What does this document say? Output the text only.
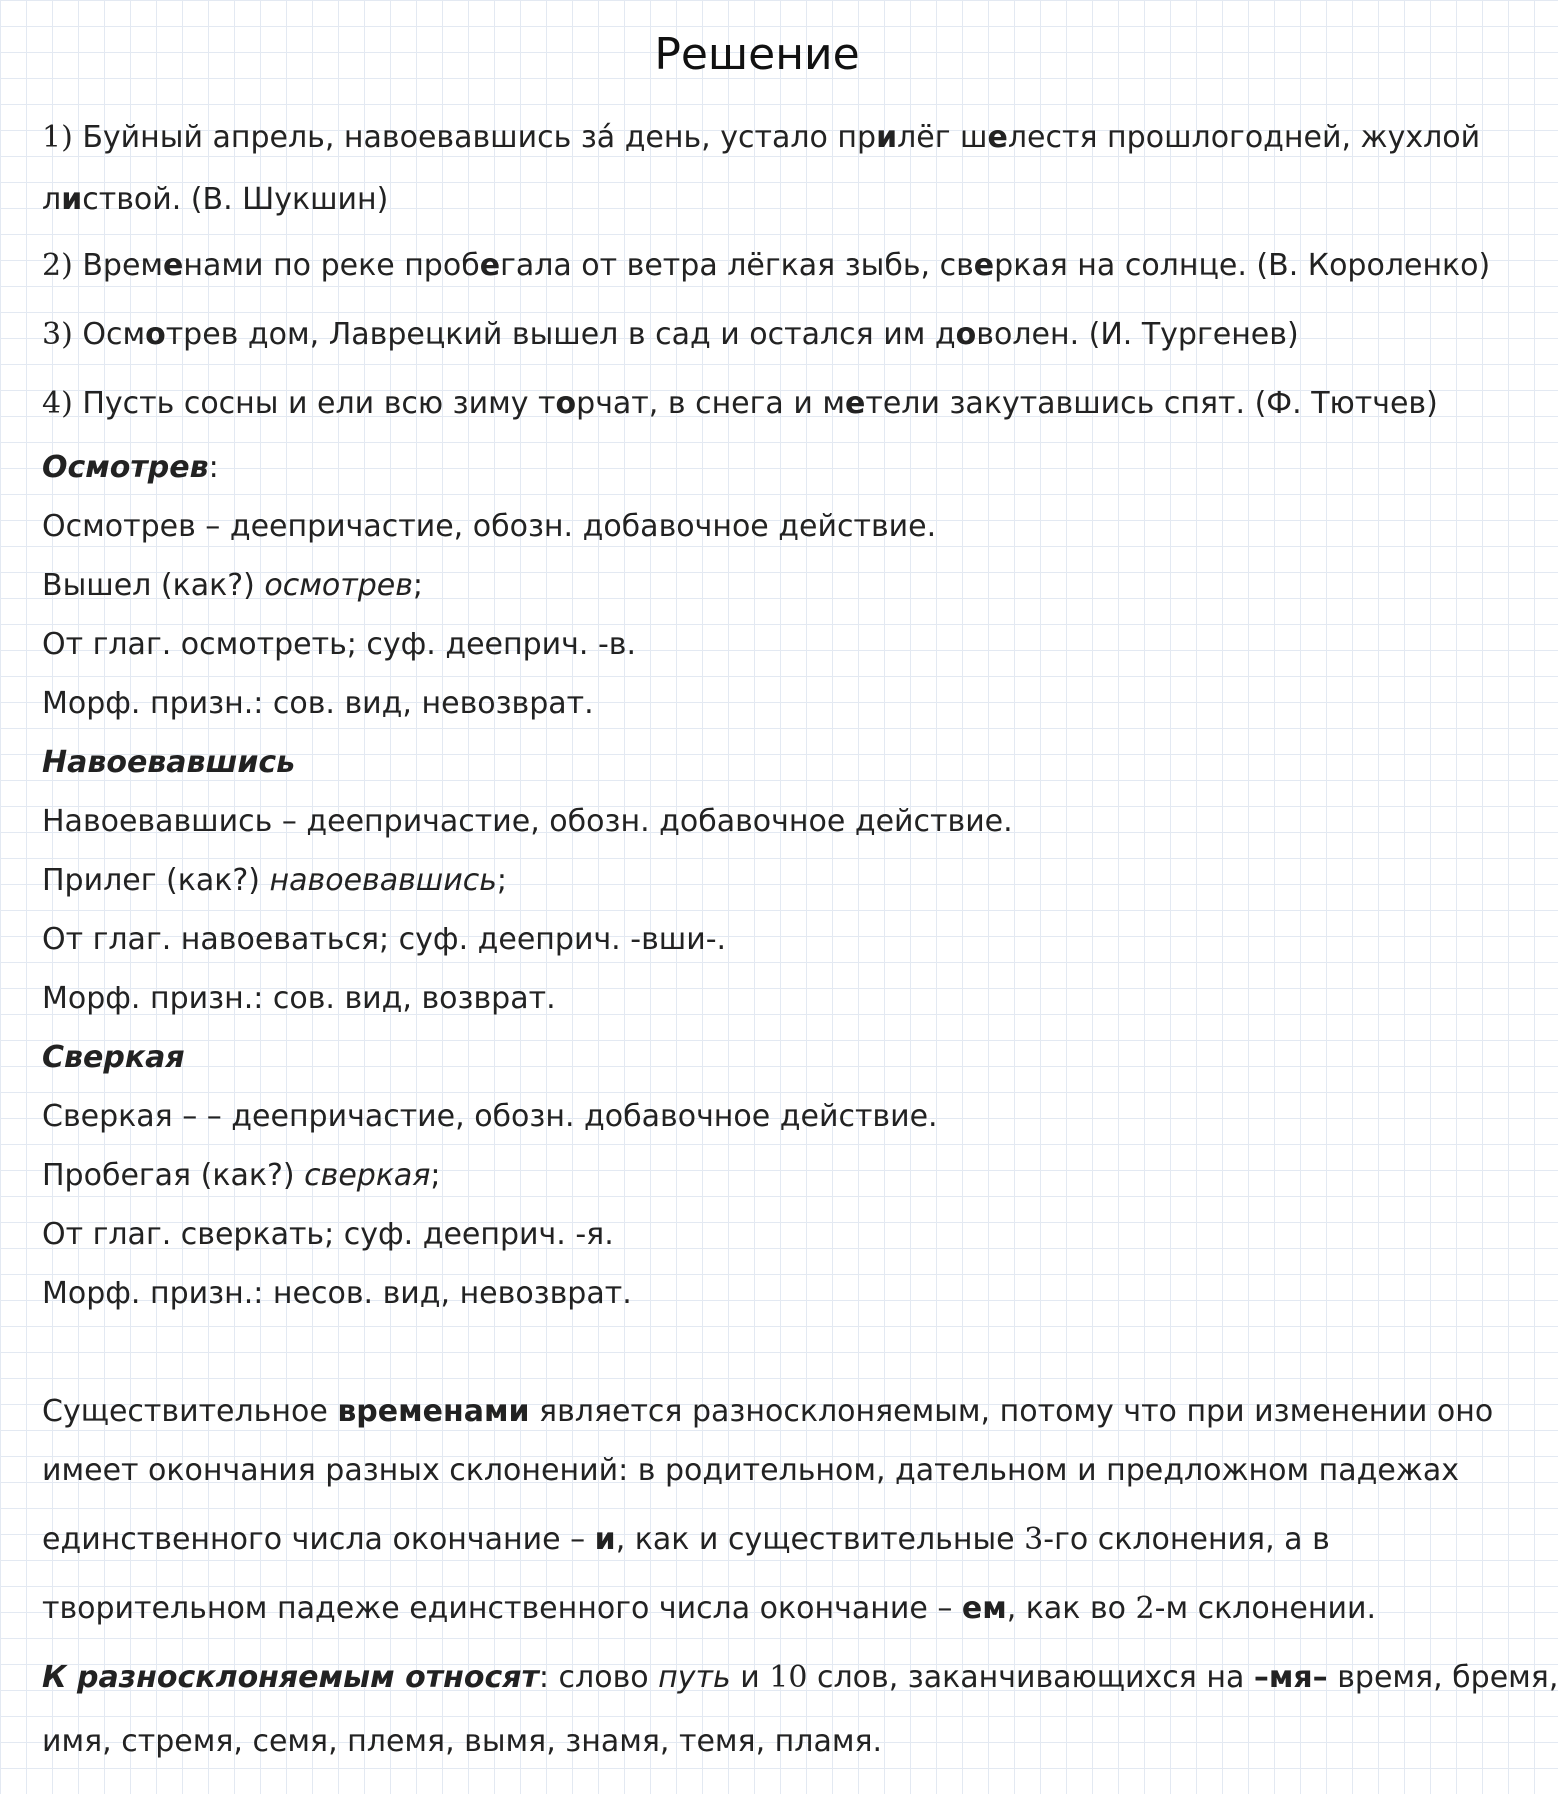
Решение
1) Буйный апрель, навоевавшись зá день, устало прилёг шелестя прошлогодней, жухлой
листвой. (В. Шукшин)
2) Временами по реке пробегала от ветра лёгкая зыбь, сверкая на солнце. (В. Короленко)
3) Осмотрев дом, Лаврецкий вышел в сад и остался им доволен. (И. Тургенев)
4) Пусть сосны и ели всю зиму торчат, в снега и метели закутавшись спят. (Ф. Тютчев)
Осмотрев:
Осмотрев – деепричастие, обозн. добавочное действие.
Вышел (как?) осмотрев;
От глаг. осмотреть; суф. дееприч. -в.
Морф. призн.: сов. вид, невозврат.
Навоевавшись
Навоевавшись – деепричастие, обозн. добавочное действие.
Прилег (как?) навоевавшись;
От глаг. навоеваться; суф. дееприч. -вши-.
Морф. призн.: сов. вид, возврат.
Сверкая
Сверкая – – деепричастие, обозн. добавочное действие.
Пробегая (как?) сверкая;
От глаг. сверкать; суф. дееприч. -я.
Морф. призн.: несов. вид, невозврат.
Существительное временами является разносклоняемым, потому что при изменении оно
имеет окончания разных склонений: в родительном, дательном и предложном падежах
единственного числа окончание – и, как и существительные 3-го склонения, а в
творительном падеже единственного числа окончание – ем, как во 2-м склонении.
К разносклоняемым относят: слово путь и 10 слов, заканчивающихся на –мя– время, бремя,
имя, стремя, семя, племя, вымя, знамя, темя, пламя.
